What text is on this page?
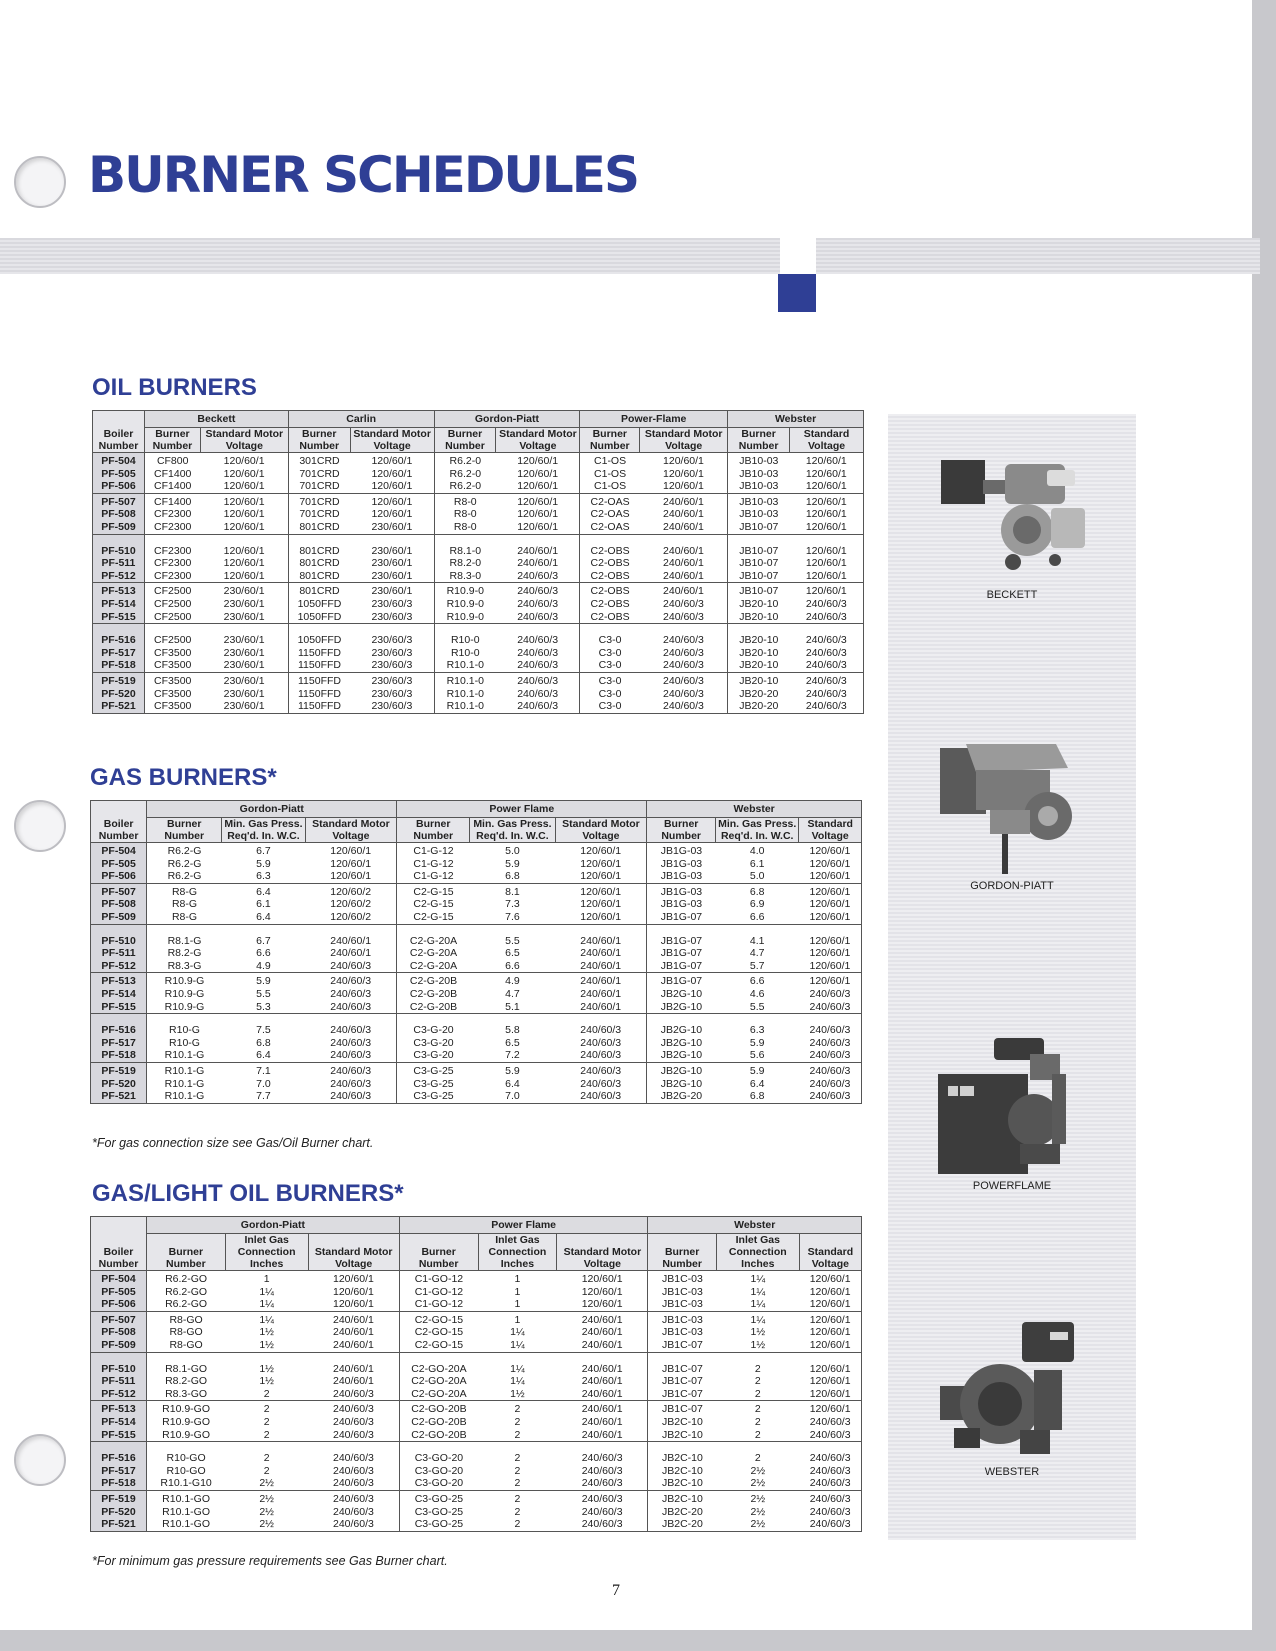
BURNER SCHEDULES
BECKETT
GORDON-PIATT
POWERFLAME
WEBSTER
OIL BURNERS
Boiler Number	Beckett		Carlin		Gordon-Piatt		Power-Flame		Webster	
	Burner Number	Standard Motor Voltage	Burner Number	Standard Motor Voltage	Burner Number	Standard Motor Voltage	Burner Number	Standard Motor Voltage	Burner Number	Standard Voltage
PF-504	CF800	120/60/1	301CRD	120/60/1	R6.2-0	120/60/1	C1-OS	120/60/1	JB10-03	120/60/1
PF-505	CF1400	120/60/1	701CRD	120/60/1	R6.2-0	120/60/1	C1-OS	120/60/1	JB10-03	120/60/1
PF-506	CF1400	120/60/1	701CRD	120/60/1	R6.2-0	120/60/1	C1-OS	120/60/1	JB10-03	120/60/1
PF-507	CF1400	120/60/1	701CRD	120/60/1	R8-0	120/60/1	C2-OAS	240/60/1	JB10-03	120/60/1
PF-508	CF2300	120/60/1	701CRD	120/60/1	R8-0	120/60/1	C2-OAS	240/60/1	JB10-03	120/60/1
PF-509	CF2300	120/60/1	801CRD	230/60/1	R8-0	120/60/1	C2-OAS	240/60/1	JB10-07	120/60/1
PF-510	CF2300	120/60/1	801CRD	230/60/1	R8.1-0	240/60/1	C2-OBS	240/60/1	JB10-07	120/60/1
PF-511	CF2300	120/60/1	801CRD	230/60/1	R8.2-0	240/60/1	C2-OBS	240/60/1	JB10-07	120/60/1
PF-512	CF2300	120/60/1	801CRD	230/60/1	R8.3-0	240/60/3	C2-OBS	240/60/1	JB10-07	120/60/1
PF-513	CF2500	230/60/1	801CRD	230/60/1	R10.9-0	240/60/3	C2-OBS	240/60/1	JB10-07	120/60/1
PF-514	CF2500	230/60/1	1050FFD	230/60/3	R10.9-0	240/60/3	C2-OBS	240/60/3	JB20-10	240/60/3
PF-515	CF2500	230/60/1	1050FFD	230/60/3	R10.9-0	240/60/3	C2-OBS	240/60/3	JB20-10	240/60/3
PF-516	CF2500	230/60/1	1050FFD	230/60/3	R10-0	240/60/3	C3-0	240/60/3	JB20-10	240/60/3
PF-517	CF3500	230/60/1	1150FFD	230/60/3	R10-0	240/60/3	C3-0	240/60/3	JB20-10	240/60/3
PF-518	CF3500	230/60/1	1150FFD	230/60/3	R10.1-0	240/60/3	C3-0	240/60/3	JB20-10	240/60/3
PF-519	CF3500	230/60/1	1150FFD	230/60/3	R10.1-0	240/60/3	C3-0	240/60/3	JB20-10	240/60/3
PF-520	CF3500	230/60/1	1150FFD	230/60/3	R10.1-0	240/60/3	C3-0	240/60/3	JB20-20	240/60/3
PF-521	CF3500	230/60/1	1150FFD	230/60/3	R10.1-0	240/60/3	C3-0	240/60/3	JB20-20	240/60/3
GAS BURNERS*
Boiler Number	Gordon-Piatt			Power Flame			Webster		
	Burner Number	Min. Gas Press. Req'd. In. W.C.	Standard Motor Voltage	Burner Number	Min. Gas Press. Req'd. In. W.C.	Standard Motor Voltage	Burner Number	Min. Gas Press. Req'd. In. W.C.	Standard Voltage
PF-504	R6.2-G	6.7	120/60/1	C1-G-12	5.0	120/60/1	JB1G-03	4.0	120/60/1
PF-505	R6.2-G	5.9	120/60/1	C1-G-12	5.9	120/60/1	JB1G-03	6.1	120/60/1
PF-506	R6.2-G	6.3	120/60/1	C1-G-12	6.8	120/60/1	JB1G-03	5.0	120/60/1
PF-507	R8-G	6.4	120/60/2	C2-G-15	8.1	120/60/1	JB1G-03	6.8	120/60/1
PF-508	R8-G	6.1	120/60/2	C2-G-15	7.3	120/60/1	JB1G-03	6.9	120/60/1
PF-509	R8-G	6.4	120/60/2	C2-G-15	7.6	120/60/1	JB1G-07	6.6	120/60/1
PF-510	R8.1-G	6.7	240/60/1	C2-G-20A	5.5	240/60/1	JB1G-07	4.1	120/60/1
PF-511	R8.2-G	6.6	240/60/1	C2-G-20A	6.5	240/60/1	JB1G-07	4.7	120/60/1
PF-512	R8.3-G	4.9	240/60/3	C2-G-20A	6.6	240/60/1	JB1G-07	5.7	120/60/1
PF-513	R10.9-G	5.9	240/60/3	C2-G-20B	4.9	240/60/1	JB1G-07	6.6	120/60/1
PF-514	R10.9-G	5.5	240/60/3	C2-G-20B	4.7	240/60/1	JB2G-10	4.6	240/60/3
PF-515	R10.9-G	5.3	240/60/3	C2-G-20B	5.1	240/60/1	JB2G-10	5.5	240/60/3
PF-516	R10-G	7.5	240/60/3	C3-G-20	5.8	240/60/3	JB2G-10	6.3	240/60/3
PF-517	R10-G	6.8	240/60/3	C3-G-20	6.5	240/60/3	JB2G-10	5.9	240/60/3
PF-518	R10.1-G	6.4	240/60/3	C3-G-20	7.2	240/60/3	JB2G-10	5.6	240/60/3
PF-519	R10.1-G	7.1	240/60/3	C3-G-25	5.9	240/60/3	JB2G-10	5.9	240/60/3
PF-520	R10.1-G	7.0	240/60/3	C3-G-25	6.4	240/60/3	JB2G-10	6.4	240/60/3
PF-521	R10.1-G	7.7	240/60/3	C3-G-25	7.0	240/60/3	JB2G-20	6.8	240/60/3
*For gas connection size see Gas/Oil Burner chart.
GAS/LIGHT OIL BURNERS*
Boiler Number	Gordon-Piatt			Power Flame			Webster		
	Burner Number	Inlet Gas Connection Inches	Standard Motor Voltage	Burner Number	Inlet Gas Connection Inches	Standard Motor Voltage	Burner Number	Inlet Gas Connection Inches	Standard Voltage
PF-504	R6.2-GO	1	120/60/1	C1-GO-12	1	120/60/1	JB1C-03	1¼	120/60/1
PF-505	R6.2-GO	1¼	120/60/1	C1-GO-12	1	120/60/1	JB1C-03	1¼	120/60/1
PF-506	R6.2-GO	1¼	120/60/1	C1-GO-12	1	120/60/1	JB1C-03	1¼	120/60/1
PF-507	R8-GO	1¼	240/60/1	C2-GO-15	1	240/60/1	JB1C-03	1¼	120/60/1
PF-508	R8-GO	1½	240/60/1	C2-GO-15	1¼	240/60/1	JB1C-03	1½	120/60/1
PF-509	R8-GO	1½	240/60/1	C2-GO-15	1¼	240/60/1	JB1C-07	1½	120/60/1
PF-510	R8.1-GO	1½	240/60/1	C2-GO-20A	1¼	240/60/1	JB1C-07	2	120/60/1
PF-511	R8.2-GO	1½	240/60/1	C2-GO-20A	1¼	240/60/1	JB1C-07	2	120/60/1
PF-512	R8.3-GO	2	240/60/3	C2-GO-20A	1½	240/60/1	JB1C-07	2	120/60/1
PF-513	R10.9-GO	2	240/60/3	C2-GO-20B	2	240/60/1	JB1C-07	2	120/60/1
PF-514	R10.9-GO	2	240/60/3	C2-GO-20B	2	240/60/1	JB2C-10	2	240/60/3
PF-515	R10.9-GO	2	240/60/3	C2-GO-20B	2	240/60/1	JB2C-10	2	240/60/3
PF-516	R10-GO	2	240/60/3	C3-GO-20	2	240/60/3	JB2C-10	2	240/60/3
PF-517	R10-GO	2	240/60/3	C3-GO-20	2	240/60/3	JB2C-10	2½	240/60/3
PF-518	R10.1-G10	2½	240/60/3	C3-GO-20	2	240/60/3	JB2C-10	2½	240/60/3
PF-519	R10.1-GO	2½	240/60/3	C3-GO-25	2	240/60/3	JB2C-10	2½	240/60/3
PF-520	R10.1-GO	2½	240/60/3	C3-GO-25	2	240/60/3	JB2C-20	2½	240/60/3
PF-521	R10.1-GO	2½	240/60/3	C3-GO-25	2	240/60/3	JB2C-20	2½	240/60/3
*For minimum gas pressure requirements see Gas Burner chart.
7
